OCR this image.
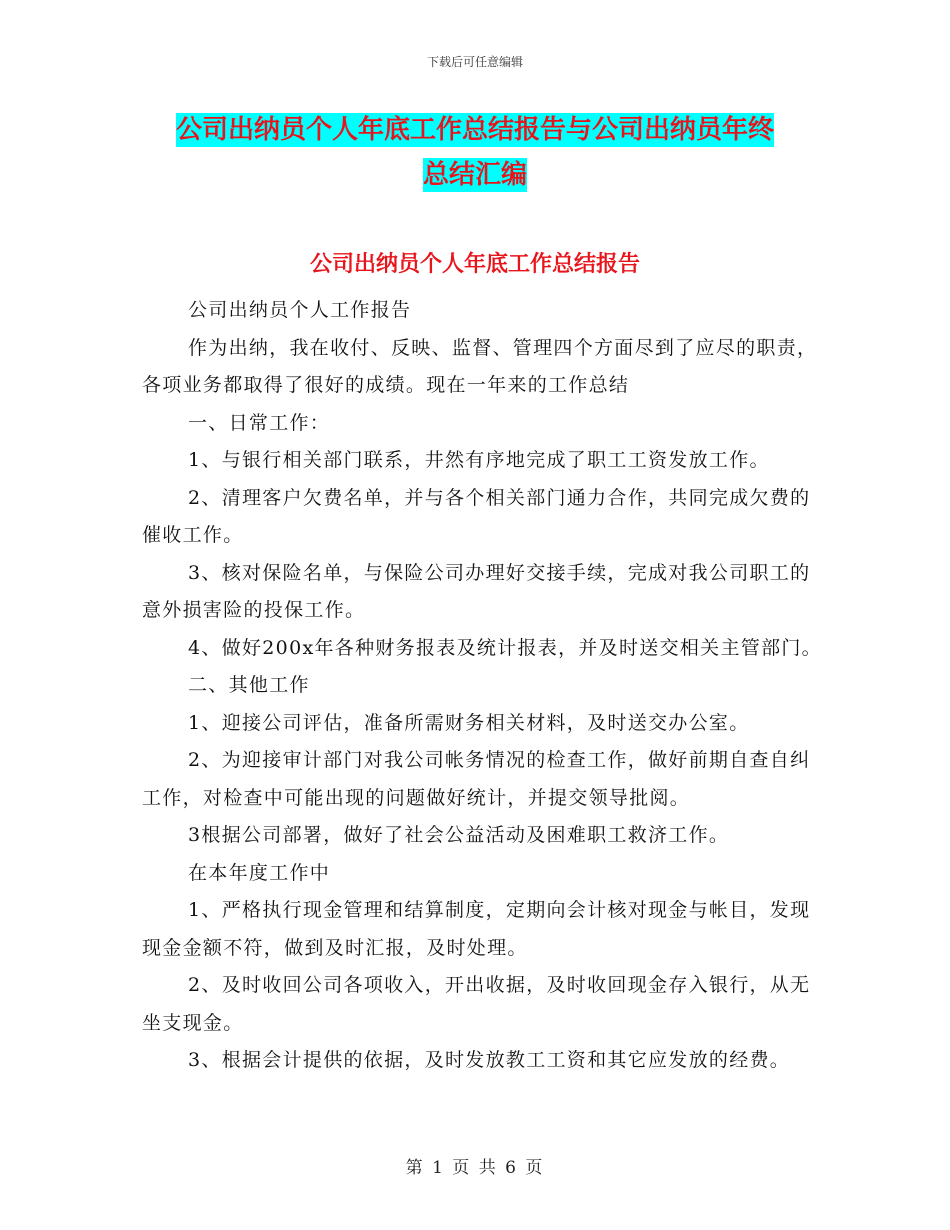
下载后可任意编辑
公司出纳员个人年底工作总结报告与公司出纳员年终
总结汇编
公司出纳员个人年底工作总结报告

公司出纳员个人工作报告

作为出纳，我在收付、反映、监督、管理四个方面尽到了应尽的职责，各项业务都取得了很好的成绩。现在一年来的工作总结

一、日常工作：

1、与银行相关部门联系，井然有序地完成了职工工资发放工作。

2、清理客户欠费名单，并与各个相关部门通力合作，共同完成欠费的催收工作。

3、核对保险名单，与保险公司办理好交接手续，完成对我公司职工的意外损害险的投保工作。

4、做好200x年各种财务报表及统计报表，并及时送交相关主管部门。

二、其他工作

1、迎接公司评估，准备所需财务相关材料，及时送交办公室。

2、为迎接审计部门对我公司帐务情况的检查工作，做好前期自查自纠工作，对检查中可能出现的问题做好统计，并提交领导批阅。

3根据公司部署，做好了社会公益活动及困难职工救济工作。

在本年度工作中

1、严格执行现金管理和结算制度，定期向会计核对现金与帐目，发现现金金额不符，做到及时汇报，及时处理。

2、及时收回公司各项收入，开出收据，及时收回现金存入银行，从无坐支现金。

3、根据会计提供的依据，及时发放教工工资和其它应发放的经费。

第 1 页 共 6 页
